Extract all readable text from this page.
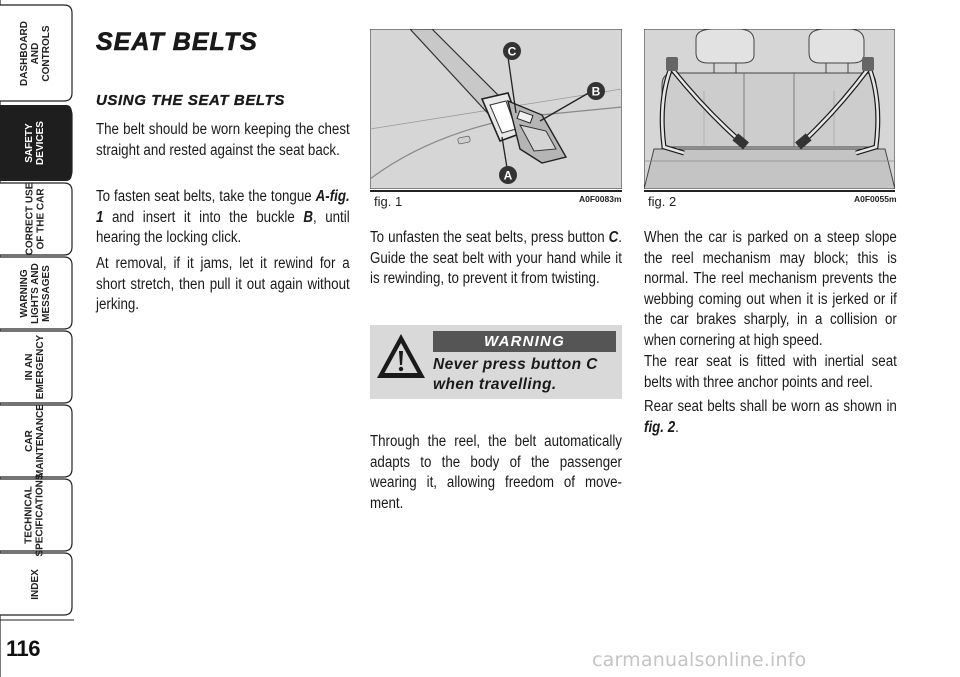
DASHBOARD
AND
CONTROLS
SAFETY
DEVICES
CORRECT USE
OF THE CAR
WARNING
LIGHTS AND
MESSAGES
IN AN
EMERGENCY
CAR
MAINTENANCE
TECHNICAL
SPECIFICATIONS
INDEX
116
SEAT BELTS
USING THE SEAT BELTS
The belt should be worn keeping the chest straight and rested against the seat back.
To fasten seat belts, take the tongue A-fig. 1 and insert it into the buckle B, until hearing the locking click.
At removal, if it jams, let it rewind for a short stretch, then pull it out again without jerking.
C
B
A
fig. 1	A0F0083m
To unfasten the seat belts, press button C. Guide the seat belt with your hand while it is rewinding, to prevent it from twisting.
WARNING
Never press button C
when travelling.
Through the reel, the belt automatically adapts to the body of the passenger wearing it, allowing freedom of move-ment.
fig. 2	A0F0055m
When the car is parked on a steep slope the reel mechanism may block; this is normal. The reel mechanism prevents the webbing coming out when it is jerked or if the car brakes sharply, in a collision or when cornering at high speed.
The rear seat is fitted with inertial seat belts with three anchor points and reel.
Rear seat belts shall be worn as shown in fig. 2.
carmanualsonline.info
